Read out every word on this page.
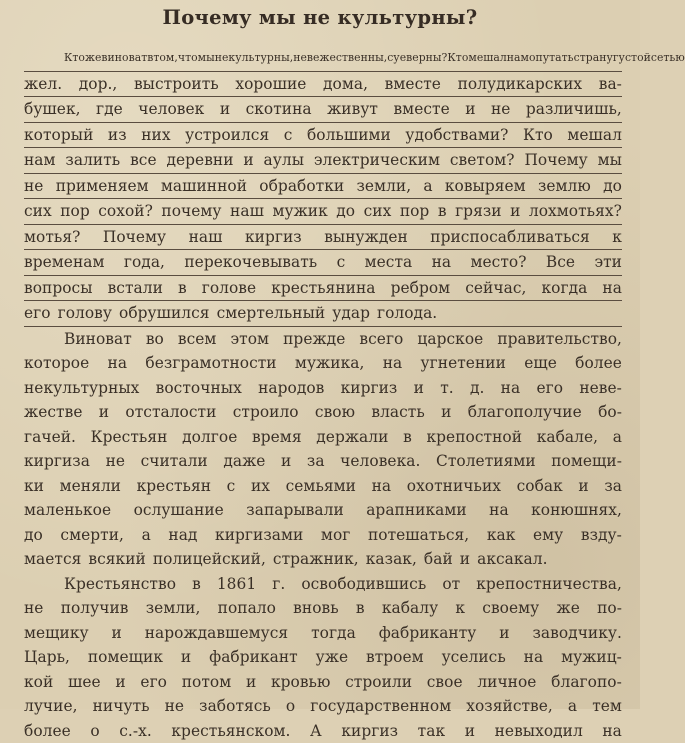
Почему мы не культурны?
Кто же виноват в том, что мы не культурны, невежественны, суеверны? Кто мешал нам опутать страну густой сетью
жел. дор., выстроить хорошие дома, вместе полудикарских ва-
бушек, где человек и скотина живут вместе и не различишь,
который из них устроился с большими удобствами? Кто мешал
нам залить все деревни и аулы электрическим светом? Почему мы
не применяем машинной обработки земли, а ковыряем землю до
сих пор сохой? почему наш мужик до сих пор в грязи и лохмотьях?
мотья? Почему наш киргиз вынужден приспосабливаться к
временам года, перекочевывать с места на место? Все эти
вопросы встали в голове крестьянина ребром сейчас, когда на
его голову обрушился смертельный удар голода.
Виноват во всем этом прежде всего царское правительство,
которое на безграмотности мужика, на угнетении еще более
некультурных восточных народов киргиз и т. д. на его неве-
жестве и отсталости строило свою власть и благополучие бо-
гачей. Крестьян долгое время держали в крепостной кабале, а
киргиза не считали даже и за человека. Столетиями помещи-
ки меняли крестьян с их семьями на охотничьих собак и за
маленькое ослушание запарывали арапниками на конюшнях,
до смерти, а над киргизами мог потешаться, как ему взду-
мается всякий полицейский, стражник, казак, бай и аксакал.
Крестьянство в 1861 г. освободившись от крепостничества,
не получив земли, попало вновь в кабалу к своему же по-
мещику и нарождавшемуся тогда фабриканту и заводчику.
Царь, помещик и фабрикант уже втроем уселись на мужиц-
кой шее и его потом и кровью строили свое личное благопо-
лучие, ничуть не заботясь о государственном хозяйстве, а тем
более о с.-х. крестьянском. А киргиз так и невыходил на
